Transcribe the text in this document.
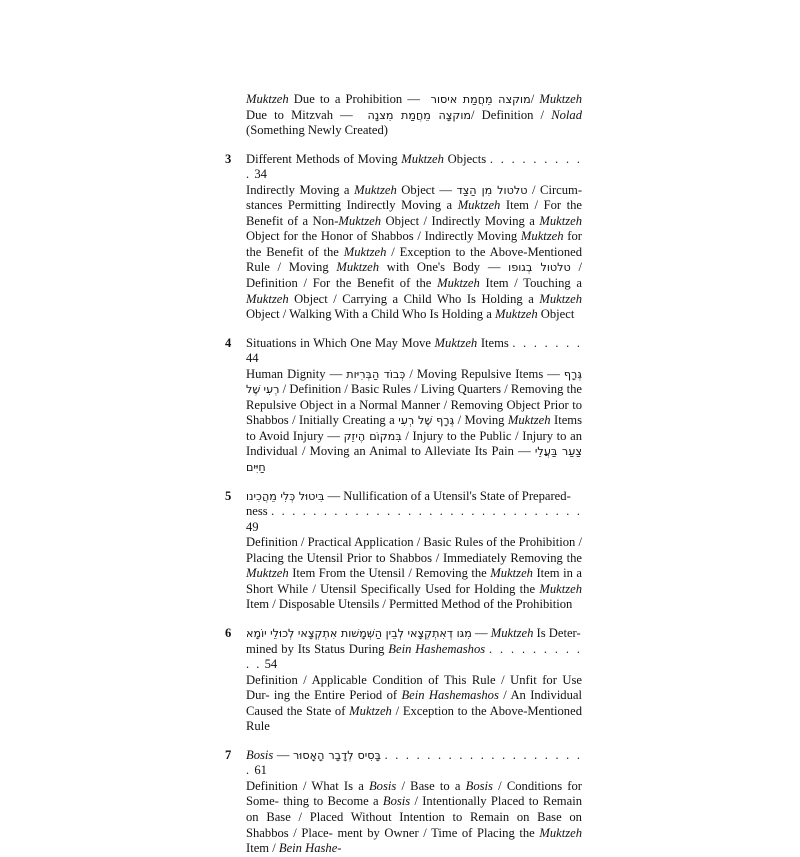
Muktzeh Due to a Prohibition — מוקצה מֵחֲמַת איסור / Muktzeh Due to Mitzvah — מוקצָה מֵחֲמַת מִצנָה / Definition / Nolad (Something Newly Created)
3	Different Methods of Moving Muktzeh Objects . . . . . . . . . . 34
Indirectly Moving a Muktzeh Object — טלטול מִן הַצַד / Circum- stances Permitting Indirectly Moving a Muktzeh Item / For the Benefit of a Non-Muktzeh Object / Indirectly Moving a Muktzeh Object for the Honor of Shabbos / Indirectly Moving Muktzeh for the Benefit of the Muktzeh / Exception to the Above-Mentioned Rule / Moving Muktzeh with One's Body — טלטול בְגופו / Definition / For the Benefit of the Muktzeh Item / Touching a Muktzeh Object / Carrying a Child Who Is Holding a Muktzeh Object / Walking With a Child Who Is Holding a Muktzeh Object
4	Situations in Which One May Move Muktzeh Items . . . . . . . 44
Human Dignity — כְּבוֹד הַבְּרִיּות / Moving Repulsive Items — גְּרָף שֶׁל רְעִי / Definition / Basic Rules / Living Quarters / Removing the Repulsive Object in a Normal Manner / Removing Object Prior to Shabbos / Initially Creating a גְּרָף שֶׁל רְעִי / Moving Muktzeh Items to Avoid Injury — בִּמקוֹם הֶיזֵק / Injury to the Public / Injury to an Individual / Moving an Animal to Alleviate Its Pain — צַעַר בַּעֲלֵי חַיִּים
5	בִּיטוּל כְּלִי מֵהֲכִינו — Nullification of a Utensil's State of Prepared-
ness . . . . . . . . . . . . . . . . . . . . . . . . . . . . . . 49
Definition / Practical Application / Basic Rules of the Prohibition / Placing the Utensil Prior to Shabbos / Immediately Removing the Muktzeh Item From the Utensil / Removing the Muktzeh Item in a Short While / Utensil Specifically Used for Holding the Muktzeh Item / Disposable Utensils / Permitted Method of the Prohibition
6	מִגּו דְאִתְקְצָאי לְבֵין הַשְּׁמָשׁות אִתְקְצָאי לְכוּלֵי יוֹמָא — Muktzeh Is Deter-
mined by Its Status During Bein Hashemashos . . . . . . . . . . . 54
Definition / Applicable Condition of This Rule / Unfit for Use Dur- ing the Entire Period of Bein Hashemashos / An Individual Caused the State of Muktzeh / Exception to the Above-Mentioned Rule
7	Bosis — בָּסִיס לְדָבָר הָאָסוּר . . . . . . . . . . . . . . . . . . . . 61
Definition / What Is a Bosis / Base to a Bosis / Conditions for Some- thing to Become a Bosis / Intentionally Placed to Remain on Base / Placed Without Intention to Remain on Base on Shabbos / Place- ment by Owner / Time of Placing the Muktzeh Item / Bein Hashe-
